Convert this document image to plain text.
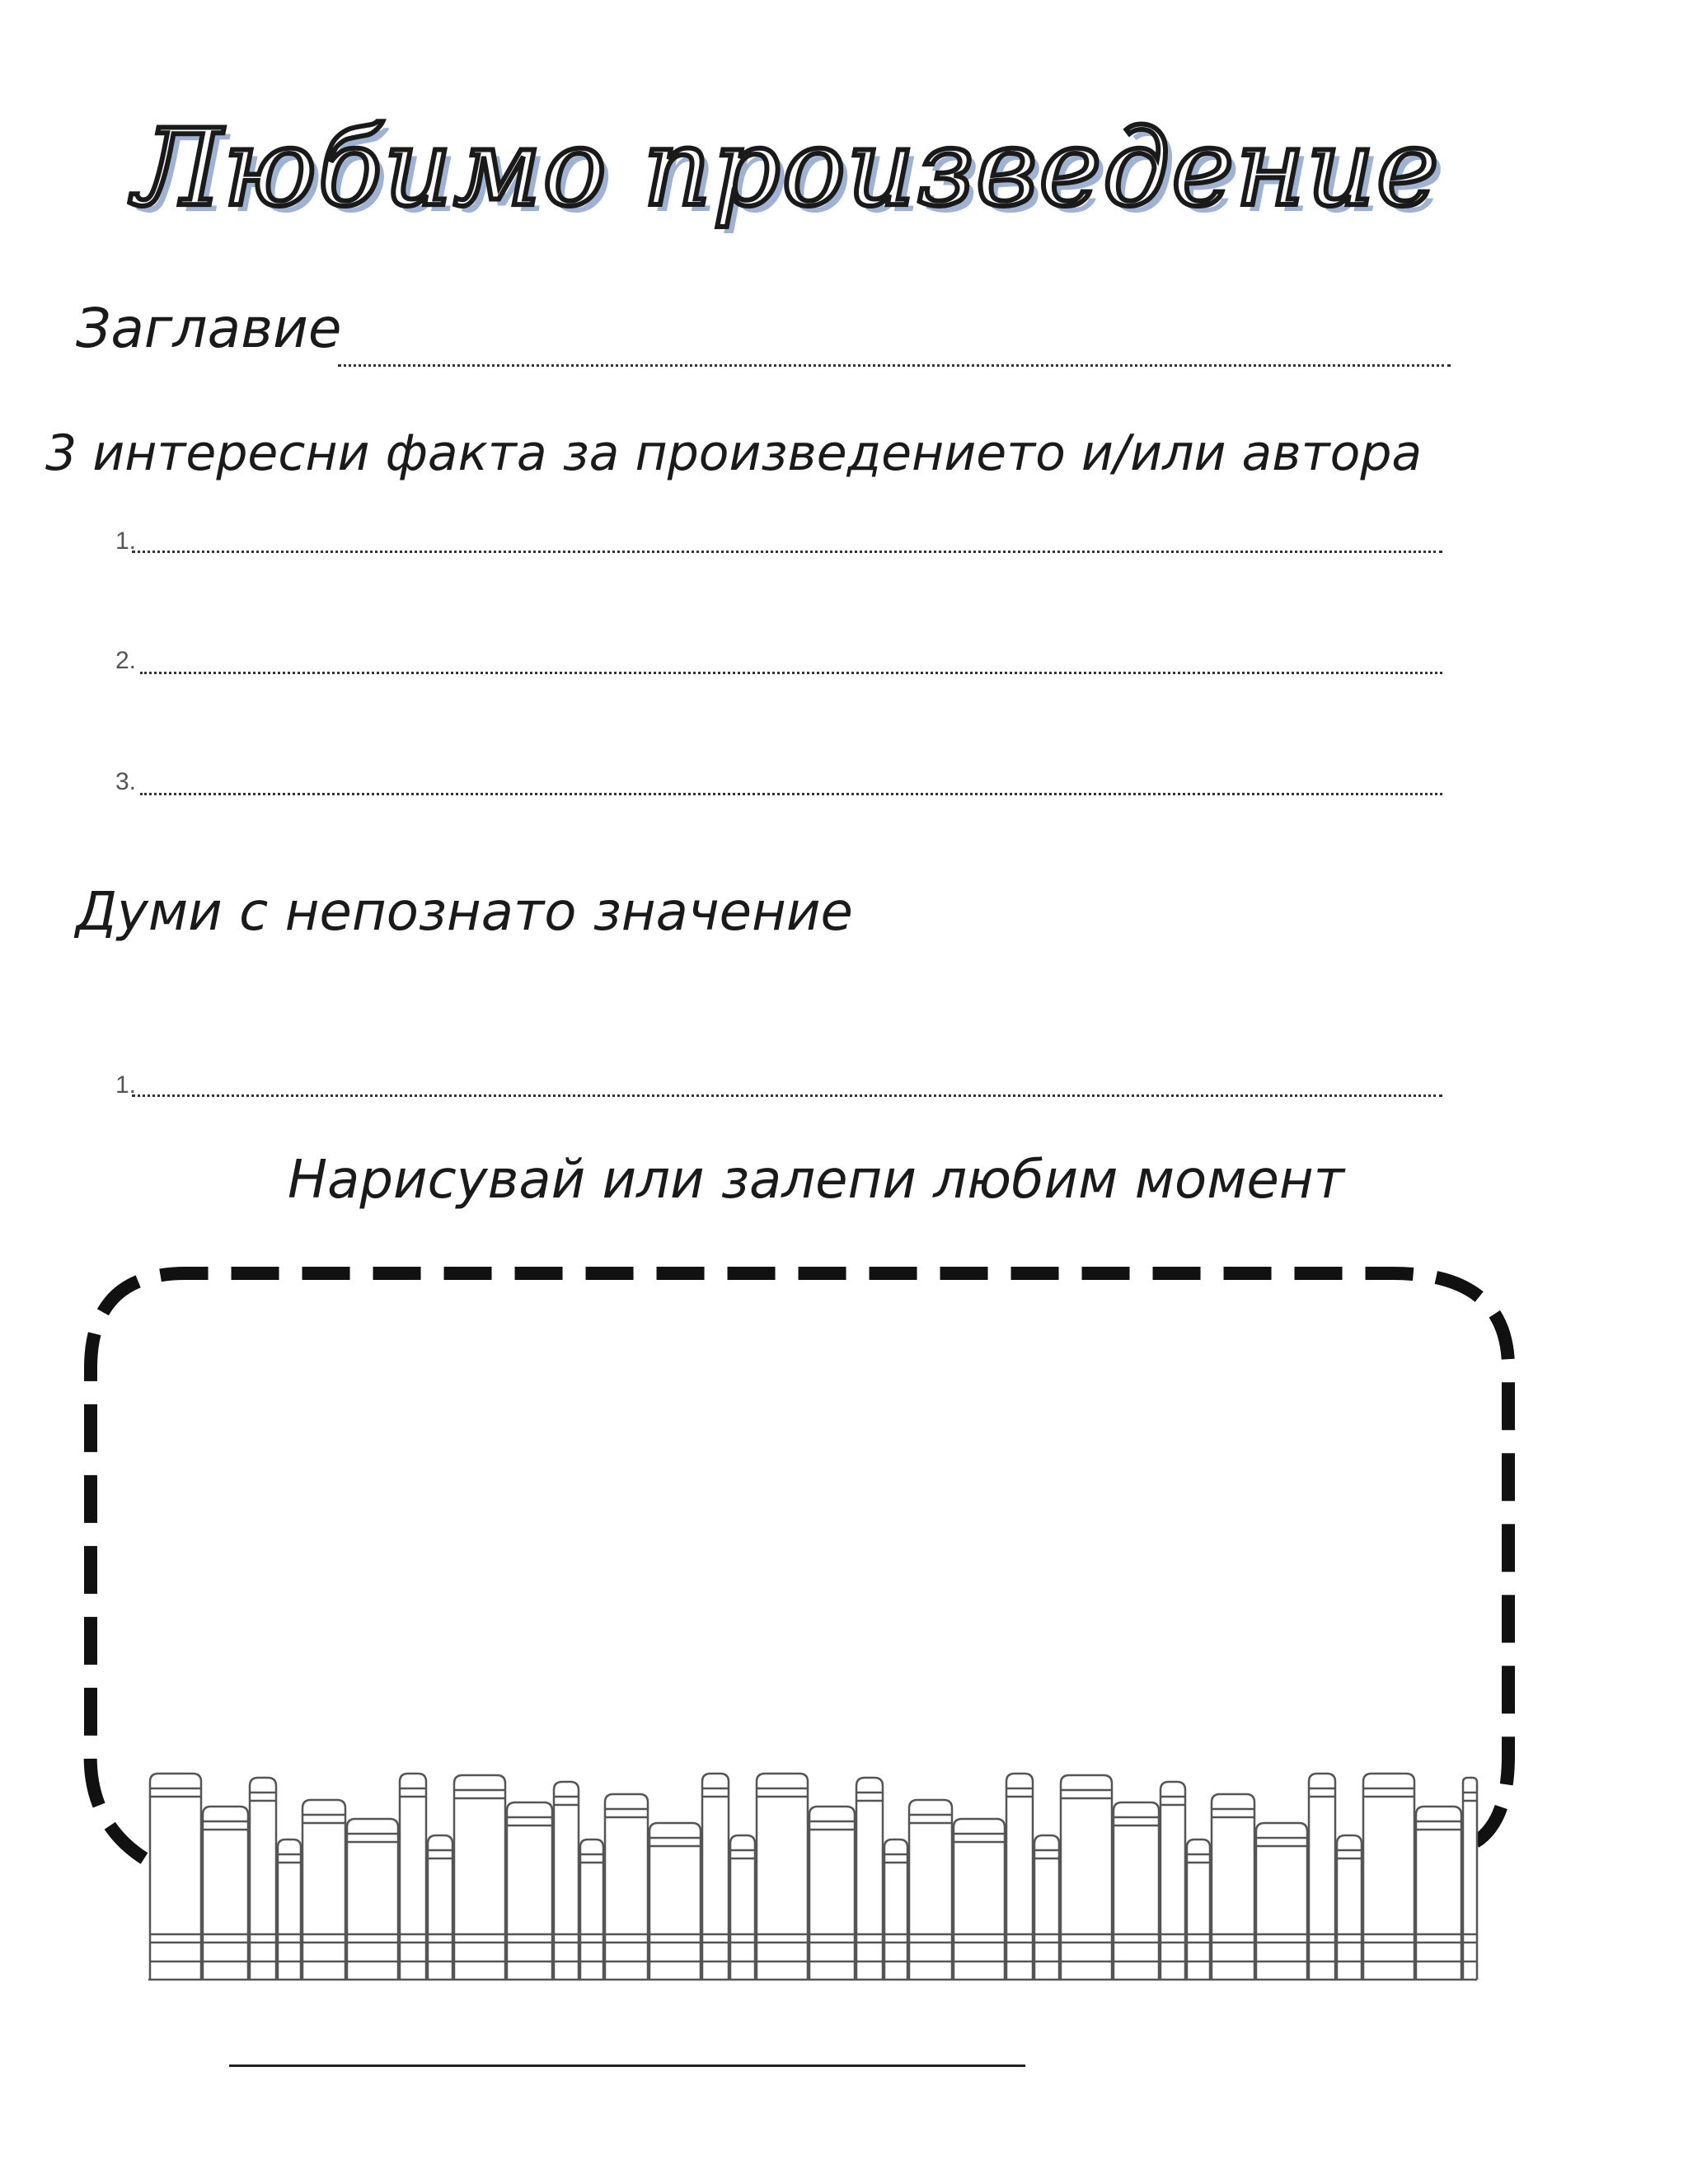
Любимо произведение
Заглавие
3 интересни факта за произведението и/или автора
1.
2.
3.
Думи с непознато значение
1.
Нарисувай или залепи любим момент
